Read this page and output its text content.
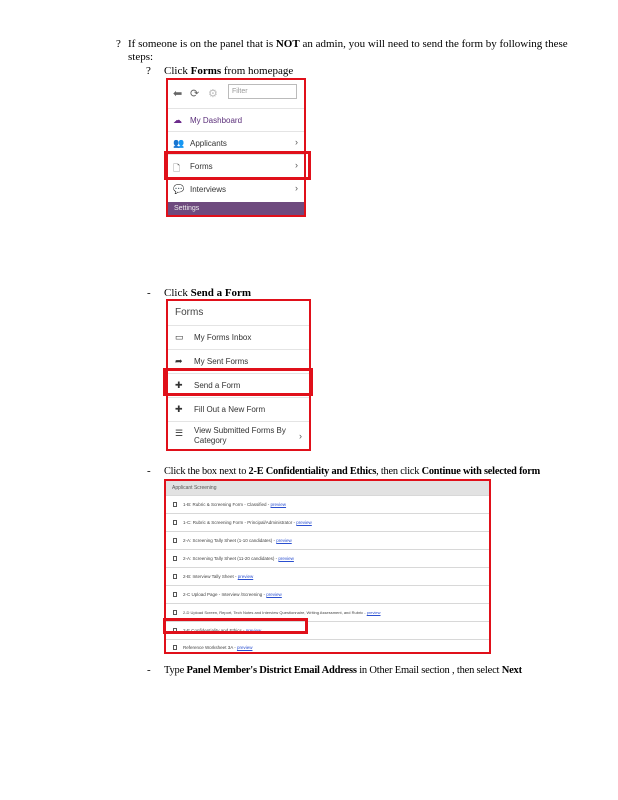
? If someone is on the panel that is NOT an admin, you will need to send the form by following these
steps:
? Click Forms from homepage
⬅ ⟳ ⚙	Filter
☁ My Dashboard
👥 Applicants	›
🗋 Forms	›
💬 Interviews	›
Settings
- Click Send a Form
Forms
▭ My Forms Inbox
➦ My Sent Forms
✚ Send a Form
✚ Fill Out a New Form
☰ View Submitted Forms By
Category	›
- Click the box next to 2-E Confidentiality and Ethics, then click Continue with selected form
Applicant Screening
1-B: Rubric & Screening Form - Classified - preview
1-C: Rubric & Screening Form - Principal/Administrator - preview
2-A: Screening Tally Sheet (1-10 candidates) - preview
2-A: Screening Tally Sheet (11-20 candidates) - preview
2-B: Interview Tally Sheet - preview
2-C Upload Page - Interview /Screening - preview
2-D Upload Screen, Report, Tech Notes and Interview Questionnaire, Writing Assessment, and Rubric - preview
2-E Confidentiality and Ethics - preview
Reference Worksheet 3A - preview
- Type Panel Member's District Email Address in Other Email section , then select Next
